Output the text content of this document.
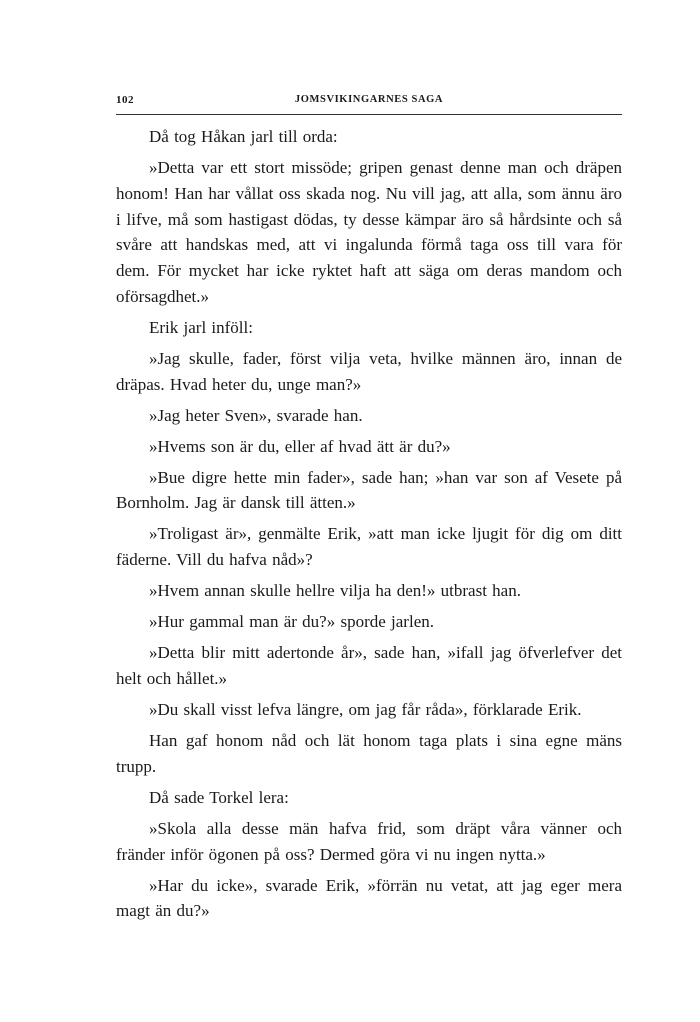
102	JOMSVIKINGARNES SAGA

Då tog Håkan jarl till orda:

»Detta var ett stort missöde; gripen genast denne man och dräpen honom! Han har vållat oss skada nog. Nu vill jag, att alla, som ännu äro i lifve, må som hastigast dödas, ty desse kämpar äro så hårdsinte och så svåre att handskas med, att vi ingalunda förmå taga oss till vara för dem. För mycket har icke ryktet haft att säga om deras mandom och oförsagdhet.»

Erik jarl inföll:

»Jag skulle, fader, först vilja veta, hvilke männen äro, innan de dräpas. Hvad heter du, unge man?»

»Jag heter Sven», svarade han.

»Hvems son är du, eller af hvad ätt är du?»

»Bue digre hette min fader», sade han; »han var son af Vesete på Bornholm. Jag är dansk till ätten.»

»Troligast är», genmälte Erik, »att man icke ljugit för dig om ditt fäderne. Vill du hafva nåd»?

»Hvem annan skulle hellre vilja ha den!» utbrast han.

»Hur gammal man är du?» sporde jarlen.

»Detta blir mitt adertonde år», sade han, »ifall jag öfverlefver det helt och hållet.»

»Du skall visst lefva längre, om jag får råda», förklarade Erik.

Han gaf honom nåd och lät honom taga plats i sina egne mäns trupp.

Då sade Torkel lera:

»Skola alla desse män hafva frid, som dräpt våra vänner och fränder inför ögonen på oss? Dermed göra vi nu ingen nytta.»

»Har du icke», svarade Erik, »förrän nu vetat, att jag eger mera magt än du?»
